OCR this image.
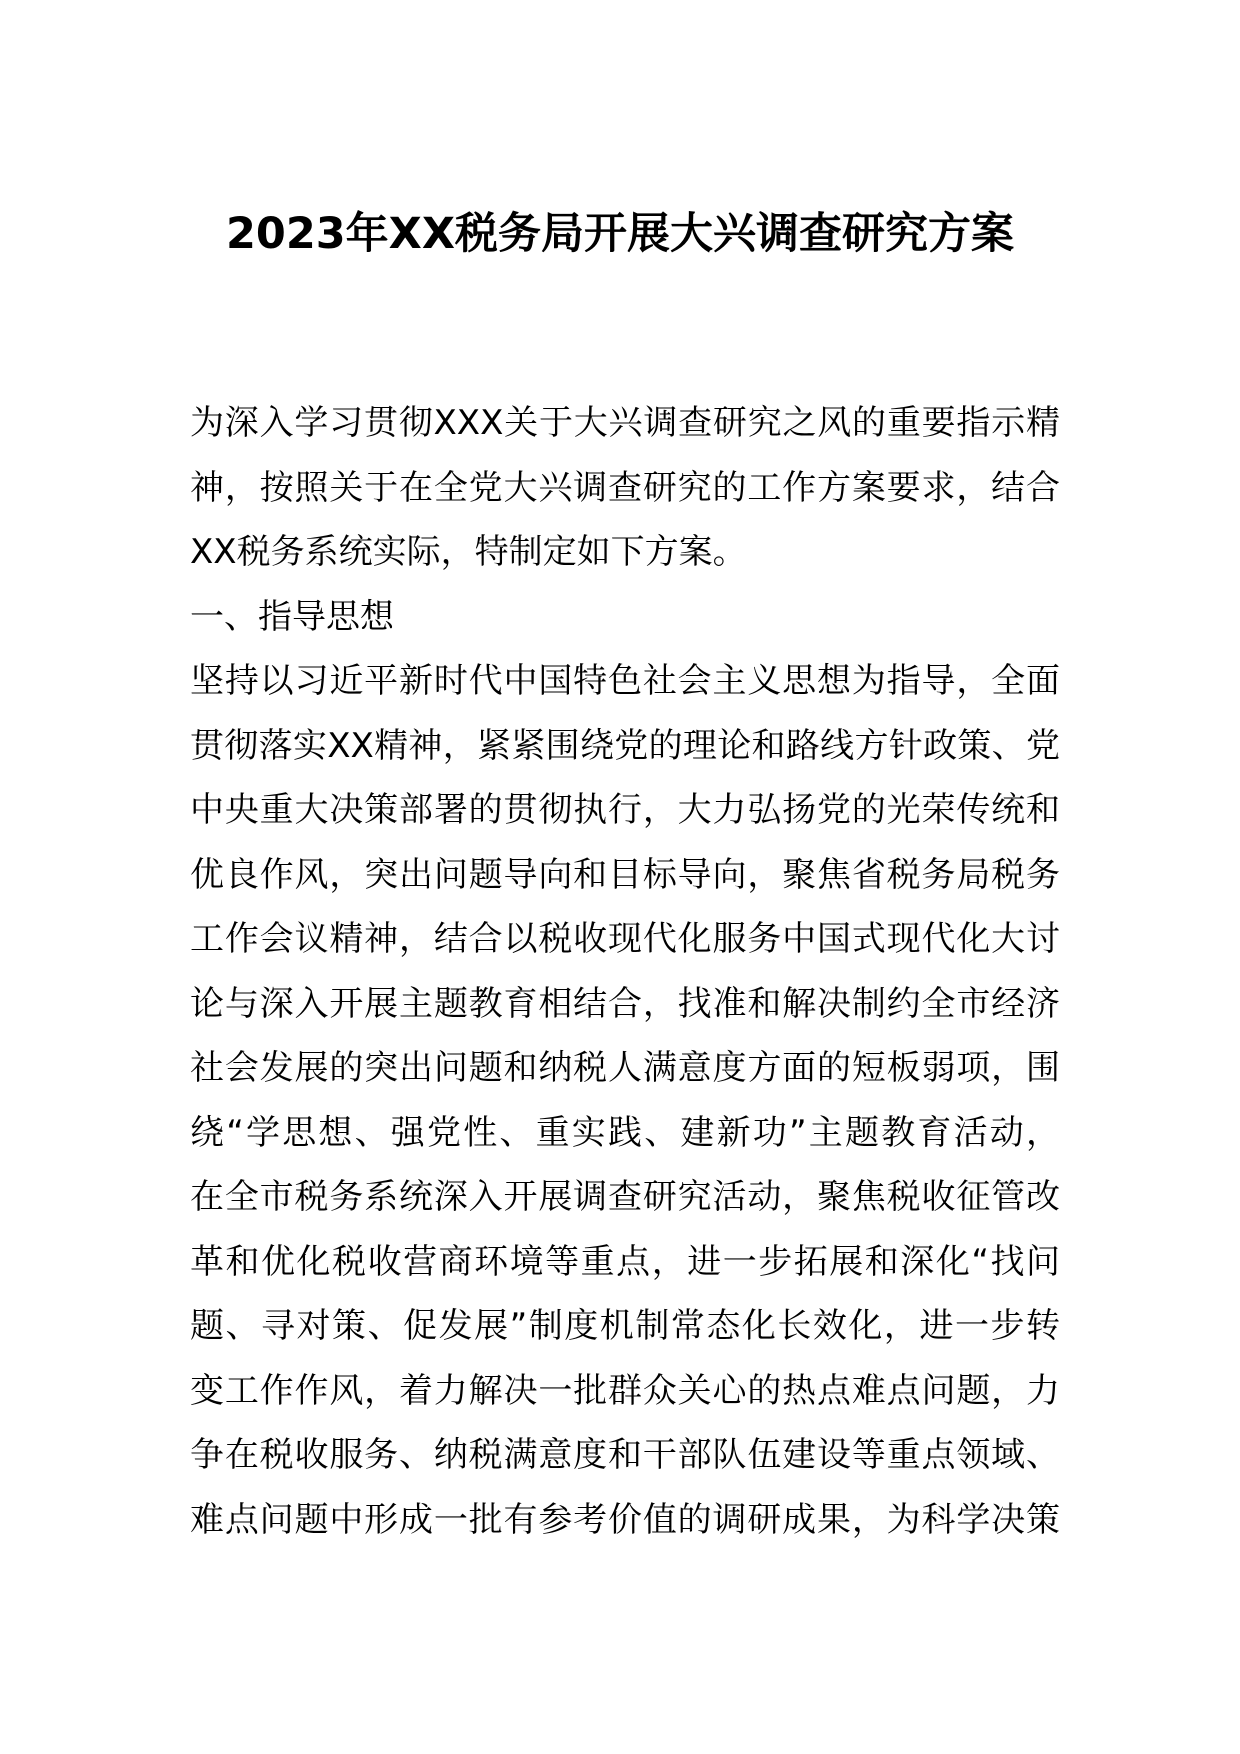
2023年XX税务局开展大兴调查研究方案
为深入学习贯彻XXX关于大兴调查研究之风的重要指示精
神，按照关于在全党大兴调查研究的工作方案要求，结合
XX税务系统实际，特制定如下方案。
一、指导思想
坚持以习近平新时代中国特色社会主义思想为指导，全面
贯彻落实XX精神，紧紧围绕党的理论和路线方针政策、党
中央重大决策部署的贯彻执行，大力弘扬党的光荣传统和
优良作风，突出问题导向和目标导向，聚焦省税务局税务
工作会议精神，结合以税收现代化服务中国式现代化大讨
论与深入开展主题教育相结合，找准和解决制约全市经济
社会发展的突出问题和纳税人满意度方面的短板弱项，围
绕“学思想、强党性、重实践、建新功”主题教育活动，
在全市税务系统深入开展调查研究活动，聚焦税收征管改
革和优化税收营商环境等重点，进一步拓展和深化“找问
题、寻对策、促发展”制度机制常态化长效化，进一步转
变工作作风，着力解决一批群众关心的热点难点问题，力
争在税收服务、纳税满意度和干部队伍建设等重点领域、
难点问题中形成一批有参考价值的调研成果，为科学决策
